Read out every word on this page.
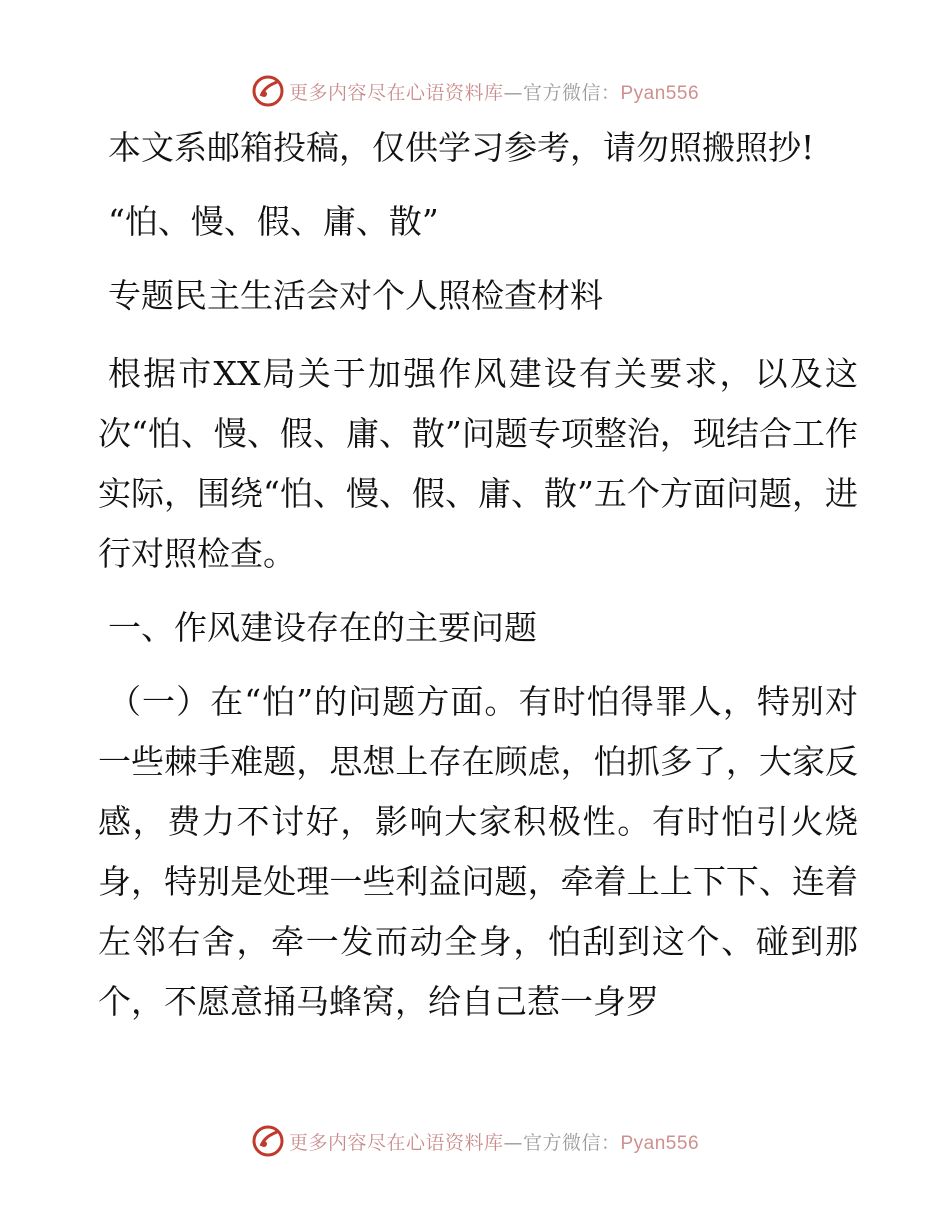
更多内容尽在心语资料库—官方微信：Pyan556

本文系邮箱投稿，仅供学习参考，请勿照搬照抄!

“怕、慢、假、庸、散”

专题民主生活会对个人照检查材料

根据市XX局关于加强作风建设有关要求，以及这次“怕、慢、假、庸、散”问题专项整治，现结合工作实际，围绕“怕、慢、假、庸、散”五个方面问题，进行对照检查。

一、作风建设存在的主要问题

（一）在“怕”的问题方面。有时怕得罪人，特别对一些棘手难题，思想上存在顾虑，怕抓多了，大家反感，费力不讨好，影响大家积极性。有时怕引火烧身，特别是处理一些利益问题，牵着上上下下、连着左邻右舍，牵一发而动全身，怕刮到这个、碰到那个，不愿意捅马蜂窝，给自己惹一身罗

更多内容尽在心语资料库—官方微信：Pyan556
